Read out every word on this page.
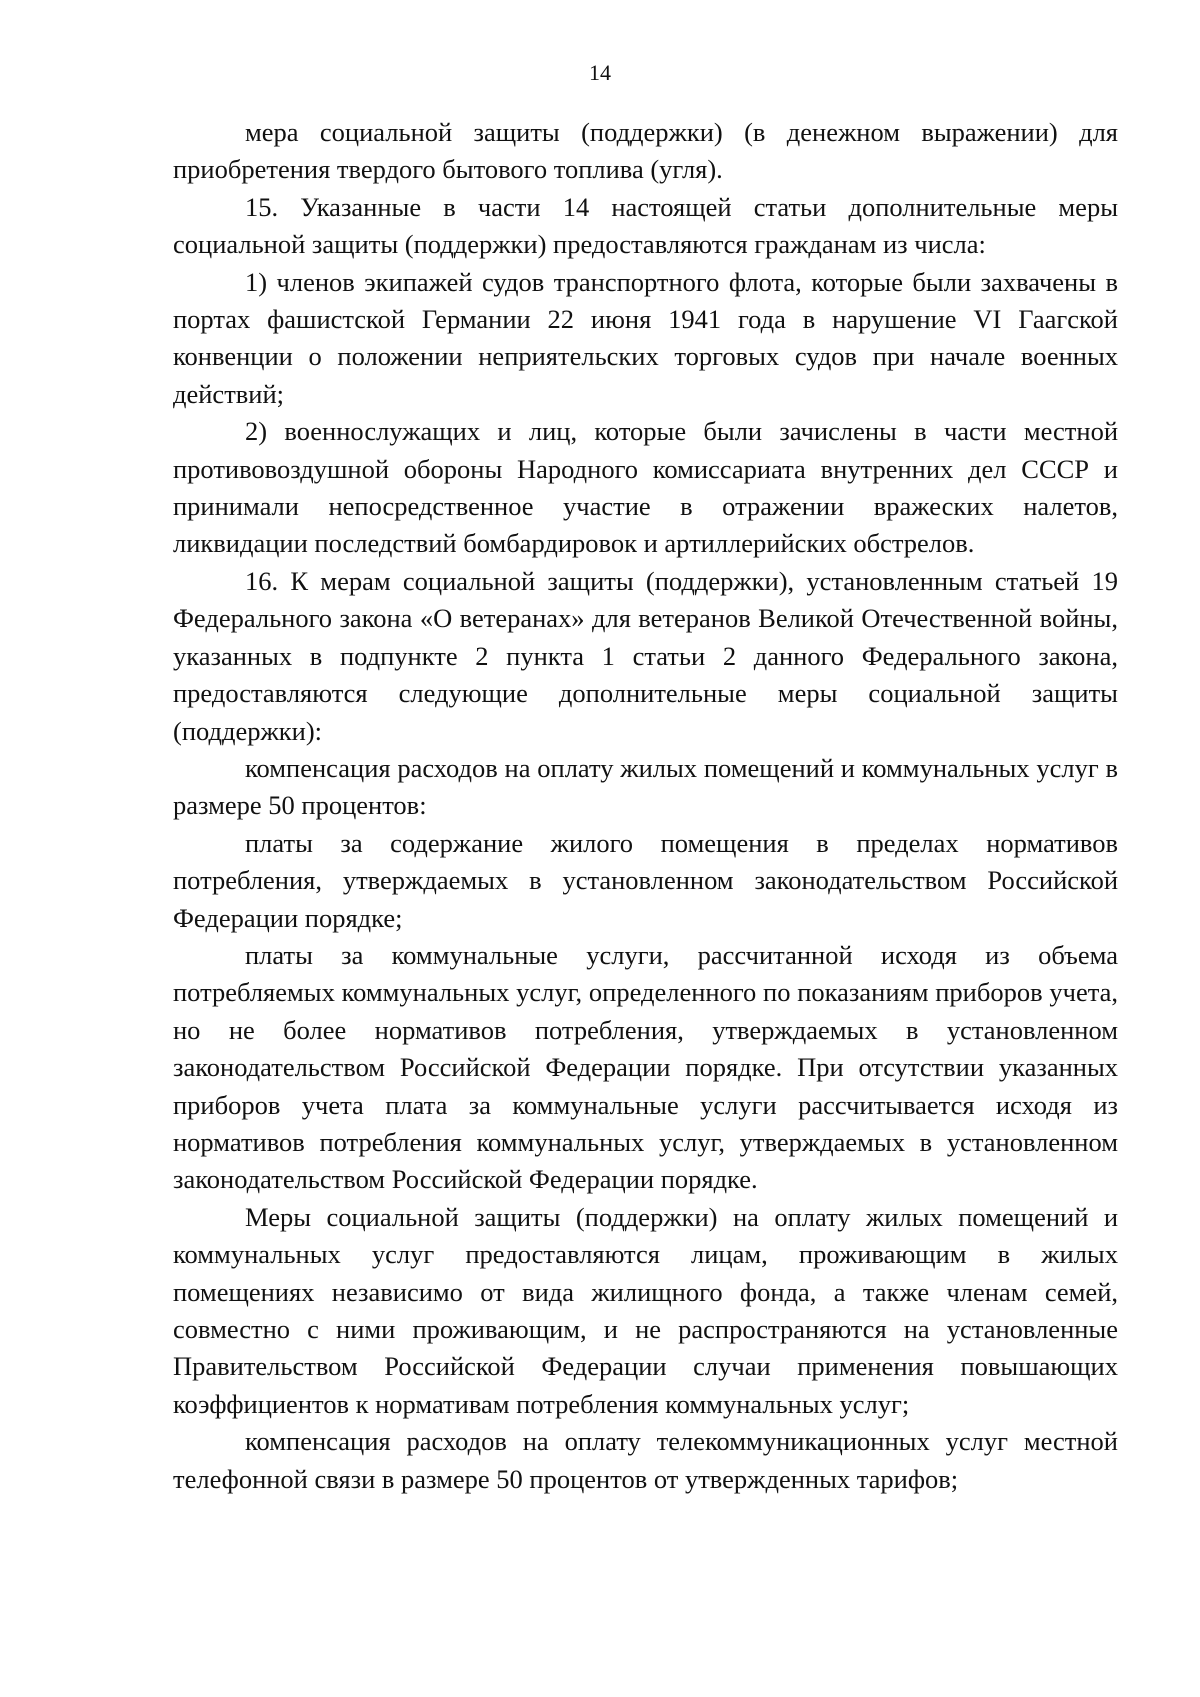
14

мера социальной защиты (поддержки) (в денежном выражении) для приобретения твердого бытового топлива (угля).

15. Указанные в части 14 настоящей статьи дополнительные меры социальной защиты (поддержки) предоставляются гражданам из числа:

1) членов экипажей судов транспортного флота, которые были захвачены в портах фашистской Германии 22 июня 1941 года в нарушение VI Гаагской конвенции о положении неприятельских торговых судов при начале военных действий;

2) военнослужащих и лиц, которые были зачислены в части местной противовоздушной обороны Народного комиссариата внутренних дел СССР и принимали непосредственное участие в отражении вражеских налетов, ликвидации последствий бомбардировок и артиллерийских обстрелов.

16. К мерам социальной защиты (поддержки), установленным статьей 19 Федерального закона «О ветеранах» для ветеранов Великой Отечественной войны, указанных в подпункте 2 пункта 1 статьи 2 данного Федерального закона, предоставляются следующие дополнительные меры социальной защиты (поддержки):

компенсация расходов на оплату жилых помещений и коммунальных услуг в размере 50 процентов:

платы за содержание жилого помещения в пределах нормативов потребления, утверждаемых в установленном законодательством Российской Федерации порядке;

платы за коммунальные услуги, рассчитанной исходя из объема потребляемых коммунальных услуг, определенного по показаниям приборов учета, но не более нормативов потребления, утверждаемых в установленном законодательством Российской Федерации порядке. При отсутствии указанных приборов учета плата за коммунальные услуги рассчитывается исходя из нормативов потребления коммунальных услуг, утверждаемых в установленном законодательством Российской Федерации порядке.

Меры социальной защиты (поддержки) на оплату жилых помещений и коммунальных услуг предоставляются лицам, проживающим в жилых помещениях независимо от вида жилищного фонда, а также членам семей, совместно с ними проживающим, и не распространяются на установленные Правительством Российской Федерации случаи применения повышающих коэффициентов к нормативам потребления коммунальных услуг;

компенсация расходов на оплату телекоммуникационных услуг местной телефонной связи в размере 50 процентов от утвержденных тарифов;
